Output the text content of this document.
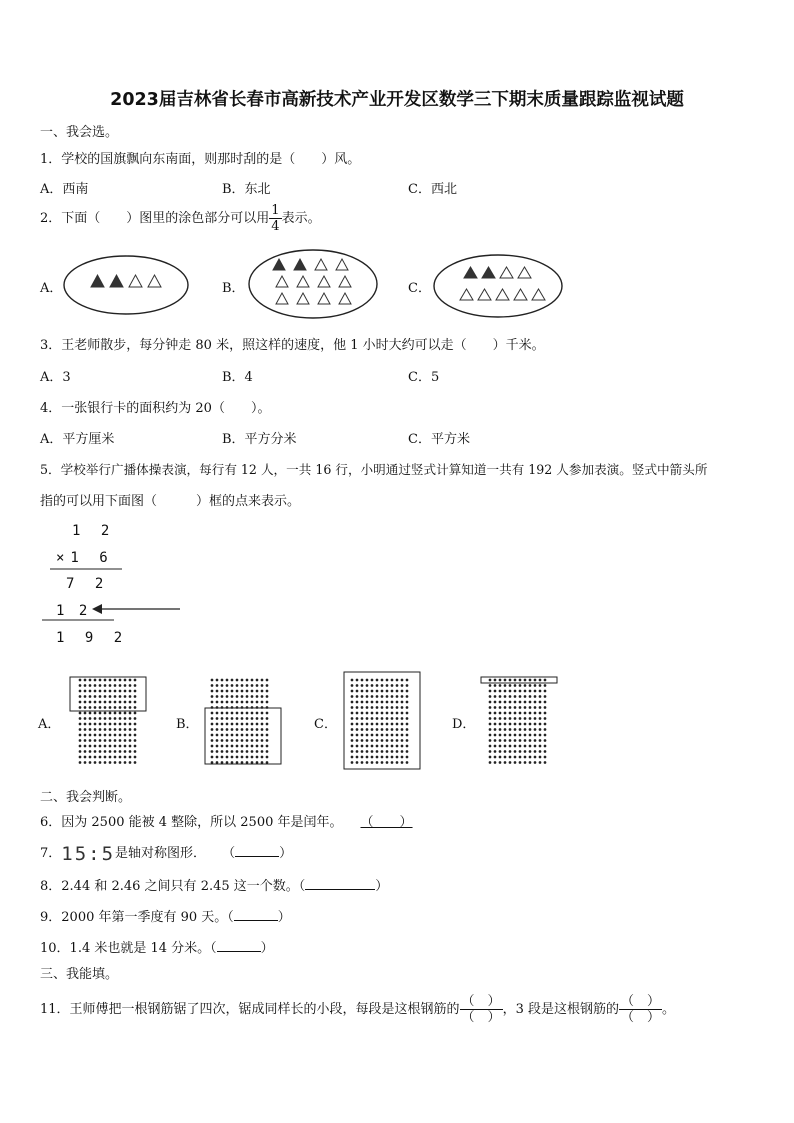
2023届吉林省长春市高新技术产业开发区数学三下期末质量跟踪监视试题
一、我会选。
1．学校的国旗飘向东南面，则那时刮的是（　　）风。
A．西南	B．东北	C．西北
2．下面（　　）图里的涂色部分可以用 $\frac{1}{4}$ 表示。
A．	B．	C．
3．王老师散步，每分钟走 80 米，照这样的速度，他 1 小时大约可以走（　　）千米。
A．3	B．4	C．5
4．一张银行卡的面积约为 20（　　）。
A．平方厘米	B．平方分米	C．平方米
5．学校举行广播体操表演，每行有 12 人，一共 16 行，小明通过竖式计算知道一共有 192 人参加表演。竖式中箭头所
指的可以用下面图（　　　）框的点来表示。
1 2
×1 6
7 2
1 2
1 9 2
A．	B．	C．	D．
二、我会判断。
6．因为 2500 能被 4 整除，所以 2500 年是闰年。 （　　）
7．15:5是轴对称图形． （	）
8．2.44 和 2.46 之间只有 2.45 这一个数。（	）
9．2000 年第一季度有 90 天。（	）
10．1.4 米也就是 14 分米。（	）
三、我能填。
11．王师傅把一根钢筋锯了四次，锯成同样长的小段，每段是这根钢筋的 $\frac{( )}{( )}$ ，3 段是这根钢筋的 $\frac{( )}{( )}$ 。
